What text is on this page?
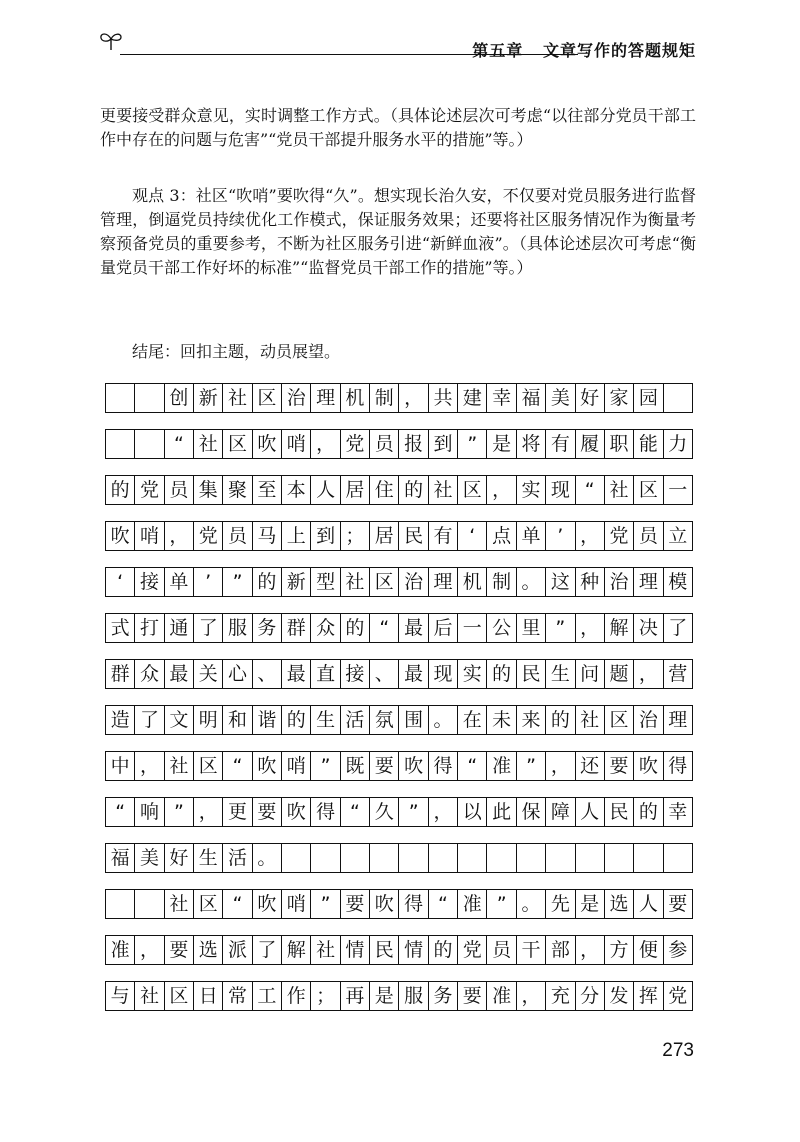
第五章 文章写作的答题规矩

更要接受群众意见，实时调整工作方式。（具体论述层次可考虑“以往部分党员干部工作中存在的问题与危害”“党员干部提升服务水平的措施”等。）

观点 3：社区“吹哨”要吹得“久”。想实现长治久安，不仅要对党员服务进行监督管理，倒逼党员持续优化工作模式，保证服务效果；还要将社区服务情况作为衡量考察预备党员的重要参考，不断为社区服务引进“新鲜血液”。（具体论述层次可考虑“衡量党员干部工作好坏的标准”“监督党员干部工作的措施”等。）

结尾：回扣主题，动员展望。

创 新 社 区 治 理 机 制 ， 共 建 幸 福 美 好 家 园
“ 社 区 吹 哨 ， 党 员 报 到 ” 是 将 有 履 职 能 力
的 党 员 集 聚 至 本 人 居 住 的 社 区 ， 实 现 “ 社 区 一
吹 哨 ， 党 员 马 上 到 ； 居 民 有 ‘ 点 单 ’ ， 党 员 立
‘ 接 单 ’	” 的 新 型 社 区 治 理 机 制 。 这 种 治 理 模
式 打 通 了 服 务 群 众 的 “ 最 后 一 公 里 ” ， 解 决 了
群 众 最 关 心 、 最 直 接 、 最 现 实 的 民 生 问 题 ， 营
造 了 文 明 和 谐 的 生 活 氛 围 。 在 未 来 的 社 区 治 理
中 ， 社 区 “ 吹 哨 ” 既 要 吹 得 “ 准 ” ， 还 要 吹 得
“ 响 ” ， 更 要 吹 得 “ 久 ” ， 以 此 保 障 人 民 的 幸
福 美 好 生 活 。
社 区 “ 吹 哨 ” 要 吹 得 “ 准 ” 。 先 是 选 人 要
准 ， 要 选 派 了 解 社 情 民 情 的 党 员 干 部 ， 方 便 参
与 社 区 日 常 工 作 ； 再 是 服 务 要 准 ， 充 分 发 挥 党
273
